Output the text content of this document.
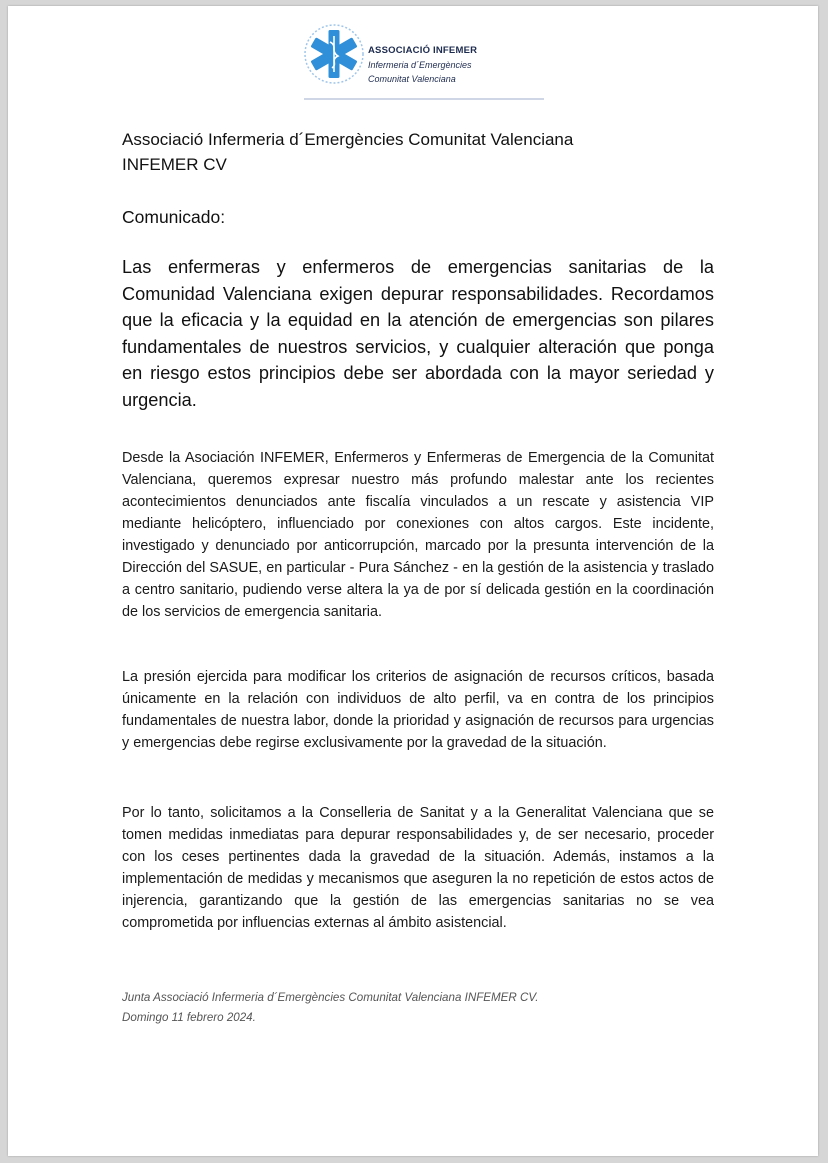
ASSOCIACIÓ INFEMER
Infermeria d´Emergències
Comunitat Valenciana
Associació Infermeria d´Emergències Comunitat Valenciana
INFEMER CV
Comunicado:
Las enfermeras y enfermeros de emergencias sanitarias de la Comunidad Valenciana exigen depurar responsabilidades. Recordamos que la eficacia y la equidad en la atención de emergencias son pilares fundamentales de nuestros servicios, y cualquier alteración que ponga en riesgo estos principios debe ser abordada con la mayor seriedad y urgencia.
Desde la Asociación INFEMER, Enfermeros y Enfermeras de Emergencia de la Comunitat Valenciana, queremos expresar nuestro más profundo malestar ante los recientes acontecimientos denunciados ante fiscalía vinculados a un rescate y asistencia VIP mediante helicóptero, influenciado por conexiones con altos cargos. Este incidente, investigado y denunciado por anticorrupción, marcado por la presunta intervención de la Dirección del SASUE, en particular - Pura Sánchez - en la gestión de la asistencia y traslado a centro sanitario, pudiendo verse altera la ya de por sí delicada gestión en la coordinación de los servicios de emergencia sanitaria.
La presión ejercida para modificar los criterios de asignación de recursos críticos, basada únicamente en la relación con individuos de alto perfil, va en contra de los principios fundamentales de nuestra labor, donde la prioridad y asignación de recursos para urgencias y emergencias debe regirse exclusivamente por la gravedad de la situación.
Por lo tanto, solicitamos a la Conselleria de Sanitat y a la Generalitat Valenciana que se tomen medidas inmediatas para depurar responsabilidades y, de ser necesario, proceder con los ceses pertinentes dada la gravedad de la situación. Además, instamos a la implementación de medidas y mecanismos que aseguren la no repetición de estos actos de injerencia, garantizando que la gestión de las emergencias sanitarias no se vea comprometida por influencias externas al ámbito asistencial.
Junta Associació Infermeria d´Emergències Comunitat Valenciana INFEMER CV.
Domingo 11 febrero 2024.
